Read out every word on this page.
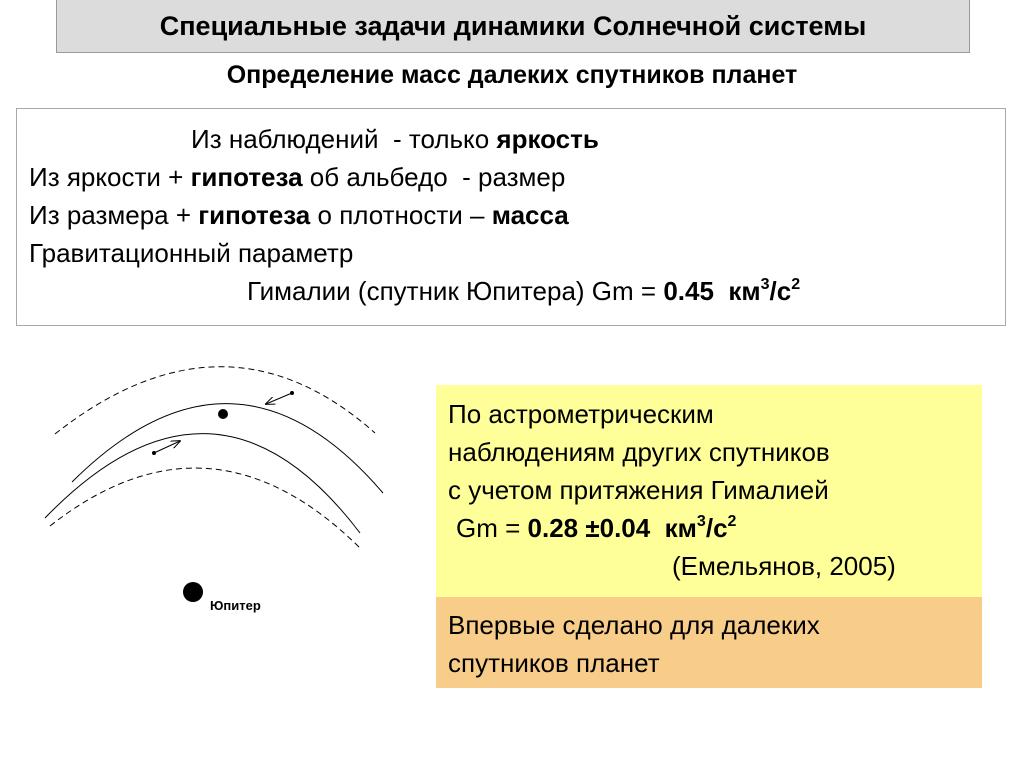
Специальные задачи динамики Солнечной системы
Определение масс далеких спутников планет
Из наблюдений  - только яркость
Из яркости + гипотеза об альбедо  - размер
Из размера + гипотеза о плотности – масса
Гравитационный параметр
Гималии (спутник Юпитера) Gm = 0.45 $км^3/с^2$
Юпитер
По астрометрическим
наблюдениям других спутников
с учетом притяжения Гималией
Gm = 0.28 ±0.04 $км^3/с^2$
(Емельянов, 2005)
Впервые сделано для далеких
спутников планет
